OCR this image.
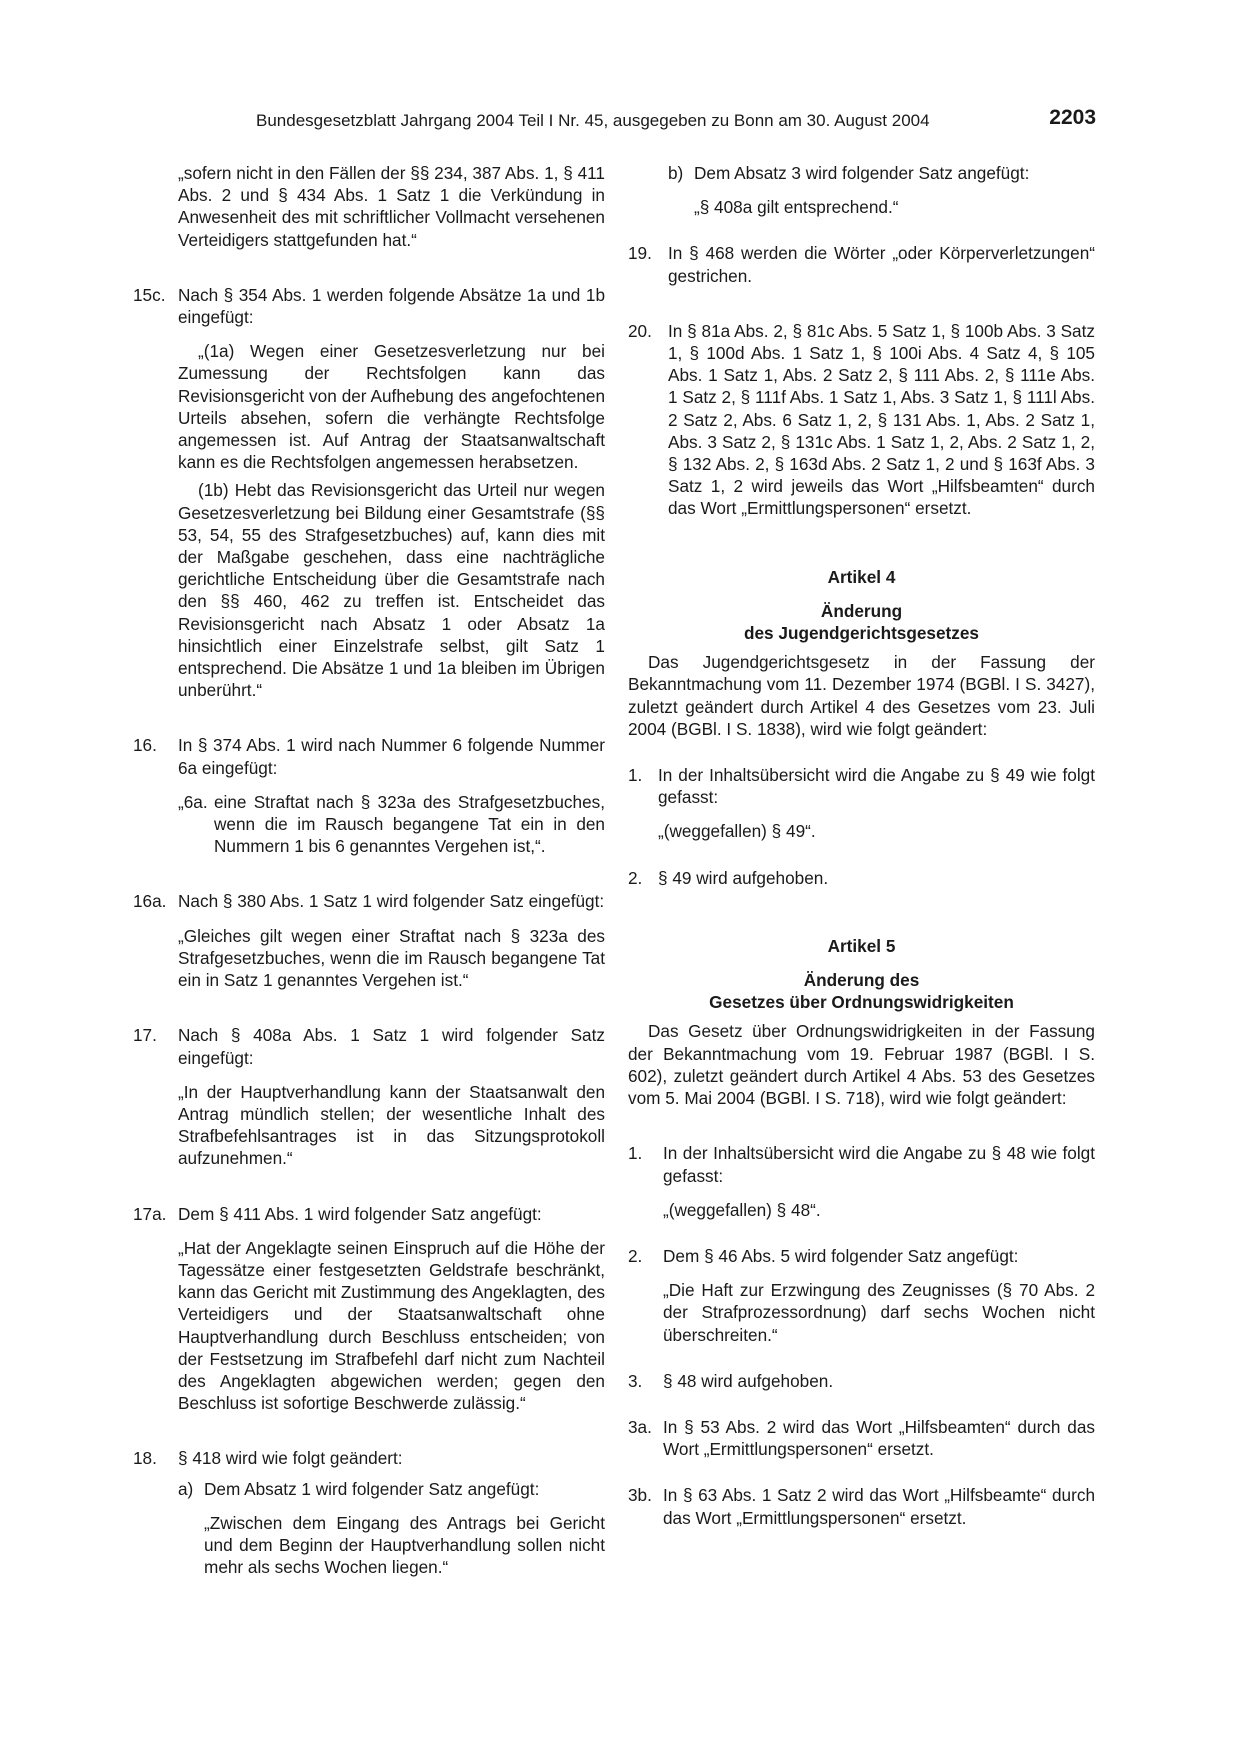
Bundesgesetzblatt Jahrgang 2004 Teil I Nr. 45, ausgegeben zu Bonn am 30. August 2004	2203

„sofern nicht in den Fällen der §§ 234, 387 Abs. 1, § 411 Abs. 2 und § 434 Abs. 1 Satz 1 die Verkündung in Anwesenheit des mit schriftlicher Vollmacht versehenen Verteidigers stattgefunden hat.“

15c. Nach § 354 Abs. 1 werden folgende Absätze 1a und 1b eingefügt:

„(1a) Wegen einer Gesetzesverletzung nur bei Zumessung der Rechtsfolgen kann das Revisionsgericht von der Aufhebung des angefochtenen Urteils absehen, sofern die verhängte Rechtsfolge angemessen ist. Auf Antrag der Staatsanwaltschaft kann es die Rechtsfolgen angemessen herabsetzen.

(1b) Hebt das Revisionsgericht das Urteil nur wegen Gesetzesverletzung bei Bildung einer Gesamtstrafe (§§ 53, 54, 55 des Strafgesetzbuches) auf, kann dies mit der Maßgabe geschehen, dass eine nachträgliche gerichtliche Entscheidung über die Gesamtstrafe nach den §§ 460, 462 zu treffen ist. Entscheidet das Revisionsgericht nach Absatz 1 oder Absatz 1a hinsichtlich einer Einzelstrafe selbst, gilt Satz 1 entsprechend. Die Absätze 1 und 1a bleiben im Übrigen unberührt.“

16. In § 374 Abs. 1 wird nach Nummer 6 folgende Nummer 6a eingefügt:

„6a. eine Straftat nach § 323a des Strafgesetzbuches, wenn die im Rausch begangene Tat ein in den Nummern 1 bis 6 genanntes Vergehen ist,“.

16a. Nach § 380 Abs. 1 Satz 1 wird folgender Satz eingefügt:

„Gleiches gilt wegen einer Straftat nach § 323a des Strafgesetzbuches, wenn die im Rausch begangene Tat ein in Satz 1 genanntes Vergehen ist.“

17. Nach § 408a Abs. 1 Satz 1 wird folgender Satz eingefügt:

„In der Hauptverhandlung kann der Staatsanwalt den Antrag mündlich stellen; der wesentliche Inhalt des Strafbefehlsantrages ist in das Sitzungsprotokoll aufzunehmen.“

17a. Dem § 411 Abs. 1 wird folgender Satz angefügt:

„Hat der Angeklagte seinen Einspruch auf die Höhe der Tagessätze einer festgesetzten Geldstrafe beschränkt, kann das Gericht mit Zustimmung des Angeklagten, des Verteidigers und der Staatsanwaltschaft ohne Hauptverhandlung durch Beschluss entscheiden; von der Festsetzung im Strafbefehl darf nicht zum Nachteil des Angeklagten abgewichen werden; gegen den Beschluss ist sofortige Beschwerde zulässig.“

18. § 418 wird wie folgt geändert:

a) Dem Absatz 1 wird folgender Satz angefügt:

„Zwischen dem Eingang des Antrags bei Gericht und dem Beginn der Hauptverhandlung sollen nicht mehr als sechs Wochen liegen.“

b) Dem Absatz 3 wird folgender Satz angefügt:

„§ 408a gilt entsprechend.“

19. In § 468 werden die Wörter „oder Körperverletzungen“ gestrichen.

20. In § 81a Abs. 2, § 81c Abs. 5 Satz 1, § 100b Abs. 3 Satz 1, § 100d Abs. 1 Satz 1, § 100i Abs. 4 Satz 4, § 105 Abs. 1 Satz 1, Abs. 2 Satz 2, § 111 Abs. 2, § 111e Abs. 1 Satz 2, § 111f Abs. 1 Satz 1, Abs. 3 Satz 1, § 111l Abs. 2 Satz 2, Abs. 6 Satz 1, 2, § 131 Abs. 1, Abs. 2 Satz 1, Abs. 3 Satz 2, § 131c Abs. 1 Satz 1, 2, Abs. 2 Satz 1, 2, § 132 Abs. 2, § 163d Abs. 2 Satz 1, 2 und § 163f Abs. 3 Satz 1, 2 wird jeweils das Wort „Hilfsbeamten“ durch das Wort „Ermittlungspersonen“ ersetzt.

Artikel 4
Änderung
des Jugendgerichtsgesetzes

Das Jugendgerichtsgesetz in der Fassung der Bekanntmachung vom 11. Dezember 1974 (BGBl. I S. 3427), zuletzt geändert durch Artikel 4 des Gesetzes vom 23. Juli 2004 (BGBl. I S. 1838), wird wie folgt geändert:

1. In der Inhaltsübersicht wird die Angabe zu § 49 wie folgt gefasst:

„(weggefallen) § 49“.

2. § 49 wird aufgehoben.

Artikel 5
Änderung des
Gesetzes über Ordnungswidrigkeiten

Das Gesetz über Ordnungswidrigkeiten in der Fassung der Bekanntmachung vom 19. Februar 1987 (BGBl. I S. 602), zuletzt geändert durch Artikel 4 Abs. 53 des Gesetzes vom 5. Mai 2004 (BGBl. I S. 718), wird wie folgt geändert:

1. In der Inhaltsübersicht wird die Angabe zu § 48 wie folgt gefasst:

„(weggefallen) § 48“.

2. Dem § 46 Abs. 5 wird folgender Satz angefügt:

„Die Haft zur Erzwingung des Zeugnisses (§ 70 Abs. 2 der Strafprozessordnung) darf sechs Wochen nicht überschreiten.“

3. § 48 wird aufgehoben.

3a. In § 53 Abs. 2 wird das Wort „Hilfsbeamten“ durch das Wort „Ermittlungspersonen“ ersetzt.

3b. In § 63 Abs. 1 Satz 2 wird das Wort „Hilfsbeamte“ durch das Wort „Ermittlungspersonen“ ersetzt.
